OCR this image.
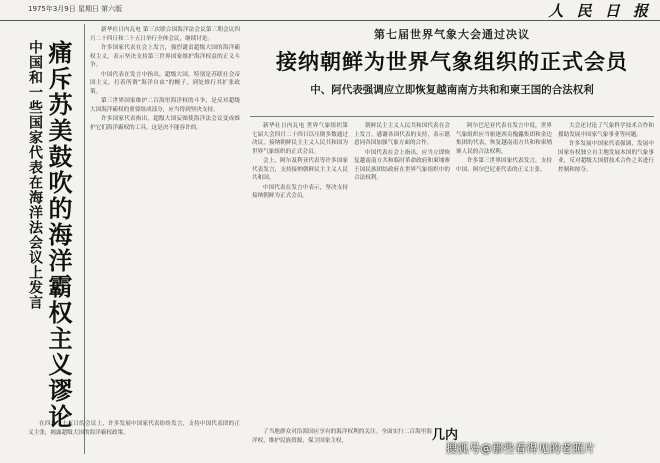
1975年3月9日 星期日 第六版	人 民 日 报
中国和一些国家代表在海洋法会议上发言 痛斥苏美鼓吹的海洋霸权主义谬论

新华社日内瓦电 第三次联合国海洋法会议第三期会议四月二十四日和二十五日举行全体会议，继续讨论。

许多国家代表在会上发言，强烈谴责超级大国的海洋霸权主义，表示坚决支持第三世界国家维护海洋权益的正义斗争。

中国代表在发言中指出，超级大国，特别是苏联社会帝国主义，打着所谓“海洋自由”的幌子，到处推行其扩张政策。

第三世界国家维护二百海里海洋权的斗争，是反对超级大国海洋霸权的重要组成部分，应当得到坚决支持。

许多国家代表指出，超级大国妄图使海洋法会议变成维护它们海洋霸权的工具，这是决不能容许的。

在四月二十五日的会议上，许多发展中国家代表纷纷发言，支持中国代表团的正义主张，揭露超级大国的海洋霸权政策。

第七届世界气象大会通过决议
接纳朝鲜为世界气象组织的正式会员
中、阿代表强调应立即恢复越南南方共和和柬王国的合法权利

新华社日内瓦电 世界气象组织第七届大会四月二十四日以压倒多数通过决议，接纳朝鲜民主主义人民共和国为世界气象组织的正式会员。

会上，阿尔及利亚代表等许多国家代表发言，支持接纳朝鲜民主主义人民共和国。

中国代表在发言中表示，坚决支持接纳朝鲜为正式会员。

朝鲜民主主义人民共和国代表在会上发言，感谢各国代表的支持，表示愿意同各国加强气象方面的合作。

中国代表在会上指出，应当立即恢复越南南方共和临时革命政府和柬埔寨王国民族团结政府在世界气象组织中的合法权利。

阿尔巴尼亚代表在发言中说，世界气象组织应当驱逐西贡傀儡集团和金边集团的代表，恢复越南南方共和和柬埔寨人民的合法权利。

许多第三世界国家代表发言，支持中国、阿尔巴尼亚代表的正义主张。

大会还讨论了气象科学技术合作和援助发展中国家气象事业等问题。

许多发展中国家代表强调，发展中国家有权独立自主地发展本国的气象事业，反对超级大国借技术合作之名进行控制和掠夺。

了当地群众对沿海国应享有的海洋权利的关注。全面实行二百海里海洋权，维护民族资源，保卫国家主权。	几内
搜狐号@那些看得见的老照片
